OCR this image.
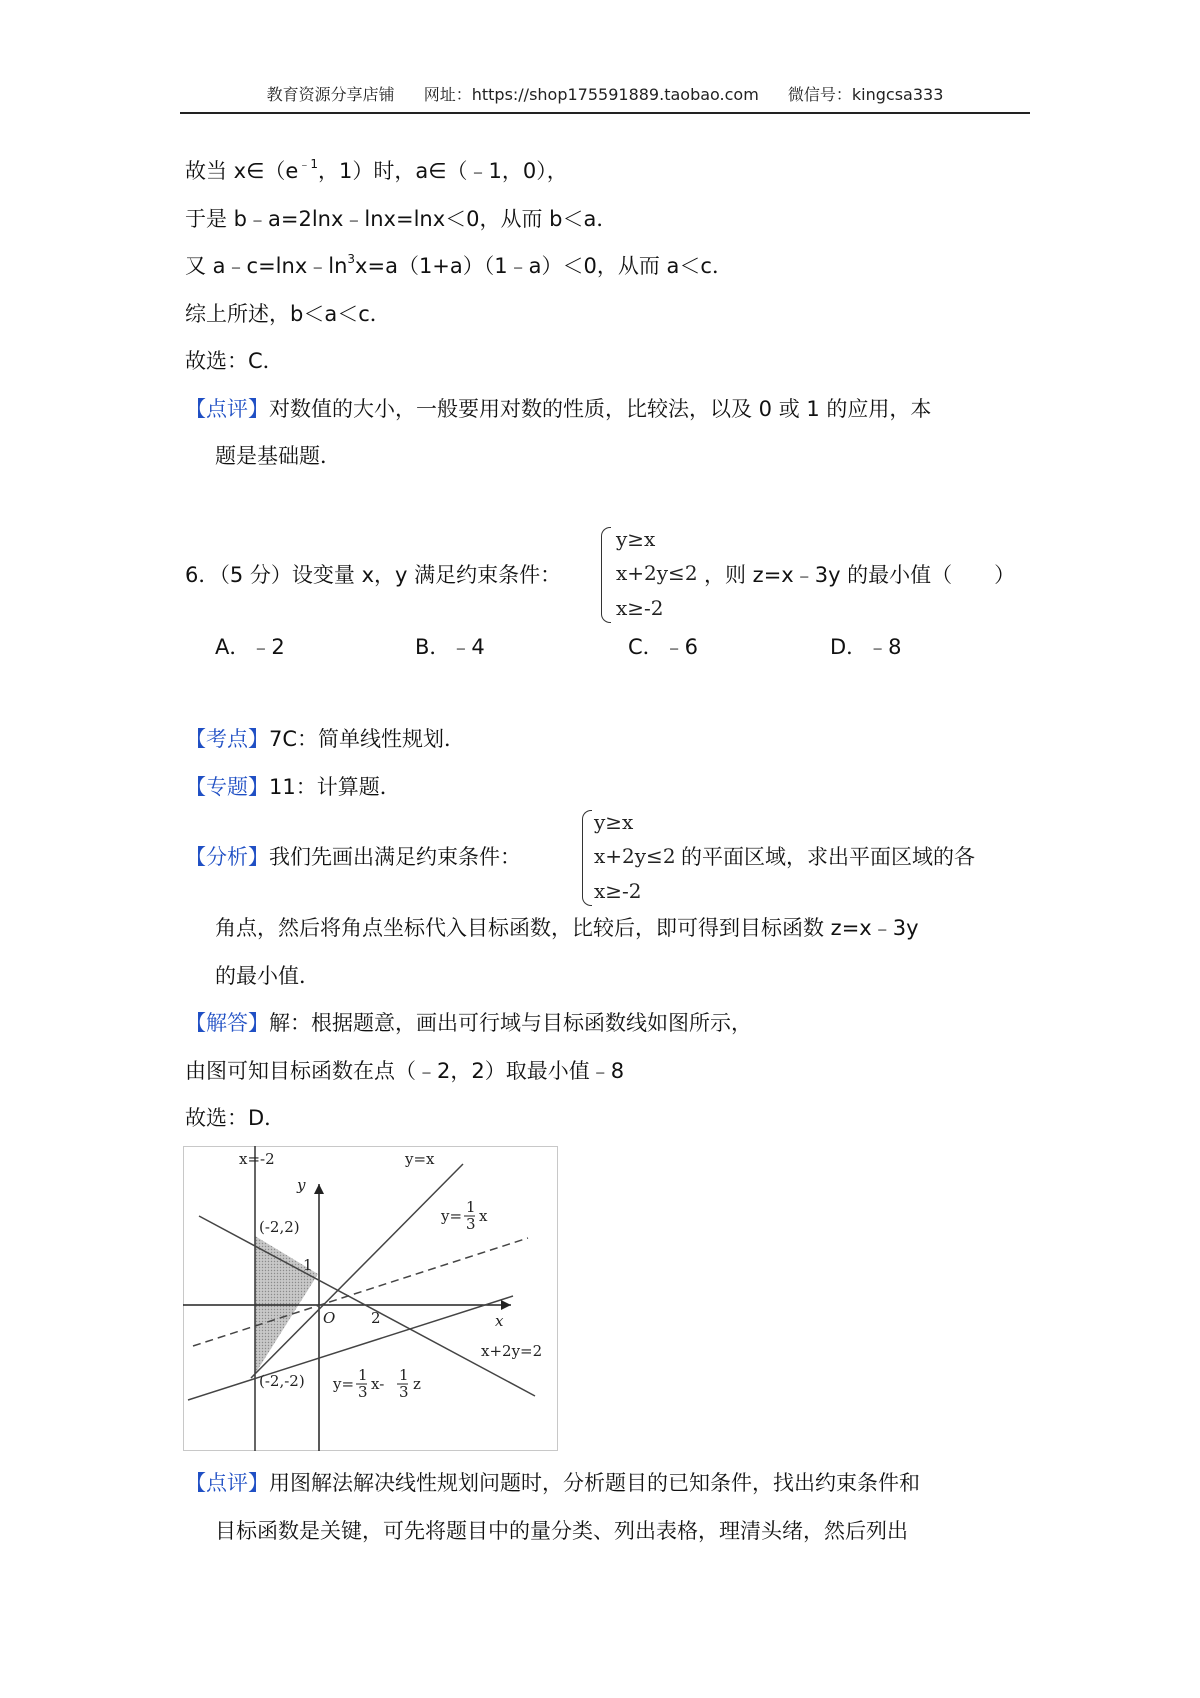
教育资源分享店铺 网址：https://shop175591889.taobao.com 微信号：kingcsa333
故当 $x\in(e^{﹣1}$，1）时，a∈（﹣1，0），
于是 b﹣a=2lnx﹣lnx=lnx＜0，从而 b＜a．
又 $a﹣c=\ln x﹣\ln^3x=a(1+a)(1﹣a)<0$，从而 a＜c．
综上所述，b＜a＜c．
故选：C．
【点评】对数值的大小，一般要用对数的性质，比较法，以及 0 或 1 的应用，本
题是基础题．
6．（5 分）设变量 x，y 满足约束条件：
y≥x
x+2y≤2
x≥-2
，则 z=x﹣3y 的最小值（　　）
A．﹣2	B．﹣4	C．﹣6	D．﹣8
【考点】7C：简单线性规划．
【专题】11：计算题．
【分析】我们先画出满足约束条件：
y≥x
x+2y≤2
x≥-2
的平面区域，求出平面区域的各
角点，然后将角点坐标代入目标函数，比较后，即可得到目标函数 z=x﹣3y
的最小值．
【解答】解：根据题意，画出可行域与目标函数线如图所示，
由图可知目标函数在点（﹣2，2）取最小值﹣8
故选：D．
x=-2	y=x
y
x
O
1
2
(-2,2)
(-2,-2)
x+2y=2
y= 1
3 x
y= 1
3 x- 1
3 z
【点评】用图解法解决线性规划问题时，分析题目的已知条件，找出约束条件和
目标函数是关键，可先将题目中的量分类、列出表格，理清头绪，然后列出
